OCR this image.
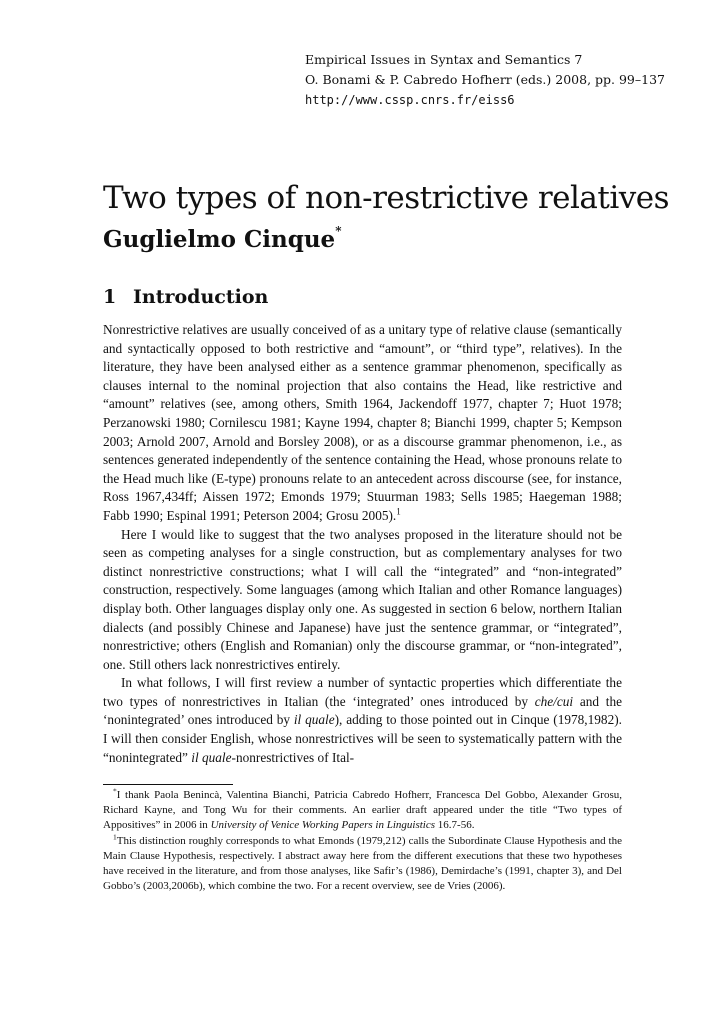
Empirical Issues in Syntax and Semantics 7
O. Bonami & P. Cabredo Hofherr (eds.) 2008, pp. 99–137
http://www.cssp.cnrs.fr/eiss6
Two types of non-restrictive relatives
Guglielmo Cinque*
1 Introduction

Nonrestrictive relatives are usually conceived of as a unitary type of relative clause (semantically and syntactically opposed to both restrictive and “amount”, or “third type”, relatives). In the literature, they have been analysed either as a sentence grammar phenomenon, specifically as clauses internal to the nominal projection that also contains the Head, like restrictive and “amount” relatives (see, among others, Smith 1964, Jackendoff 1977, chapter 7; Huot 1978; Perzanowski 1980; Cornilescu 1981; Kayne 1994, chapter 8; Bianchi 1999, chapter 5; Kempson 2003; Arnold 2007, Arnold and Borsley 2008), or as a discourse grammar phenomenon, i.e., as sentences generated independently of the sentence containing the Head, whose pronouns relate to the Head much like (E-type) pronouns relate to an antecedent across discourse (see, for instance, Ross 1967,434ff; Aissen 1972; Emonds 1979; Stuurman 1983; Sells 1985; Haegeman 1988; Fabb 1990; Espinal 1991; Peterson 2004; Grosu 2005).$^1$

Here I would like to suggest that the two analyses proposed in the literature should not be seen as competing analyses for a single construction, but as complementary analyses for two distinct nonrestrictive constructions; what I will call the “integrated” and “non-integrated” construction, respectively. Some languages (among which Italian and other Romance languages) display both. Other languages display only one. As suggested in section 6 below, northern Italian dialects (and possibly Chinese and Japanese) have just the sentence grammar, or “integrated”, nonrestrictive; others (English and Romanian) only the discourse grammar, or “non-integrated”, one. Still others lack nonrestrictives entirely.

In what follows, I will first review a number of syntactic properties which differentiate the two types of nonrestrictives in Italian (the ‘integrated’ ones introduced by che/cui and the ‘nonintegrated’ ones introduced by il quale), adding to those pointed out in Cinque (1978,1982). I will then consider English, whose nonrestrictives will be seen to systematically pattern with the “nonintegrated” il quale-nonrestrictives of Ital-

*I thank Paola Benincà, Valentina Bianchi, Patricia Cabredo Hofherr, Francesca Del Gobbo, Alexander Grosu, Richard Kayne, and Tong Wu for their comments. An earlier draft appeared under the title “Two types of Appositives” in 2006 in University of Venice Working Papers in Linguistics 16.7-56.

$^1$This distinction roughly corresponds to what Emonds (1979,212) calls the Subordinate Clause Hypothesis and the Main Clause Hypothesis, respectively. I abstract away here from the different executions that these two hypotheses have received in the literature, and from those analyses, like Safir’s (1986), Demirdache’s (1991, chapter 3), and Del Gobbo’s (2003,2006b), which combine the two. For a recent overview, see de Vries (2006).
